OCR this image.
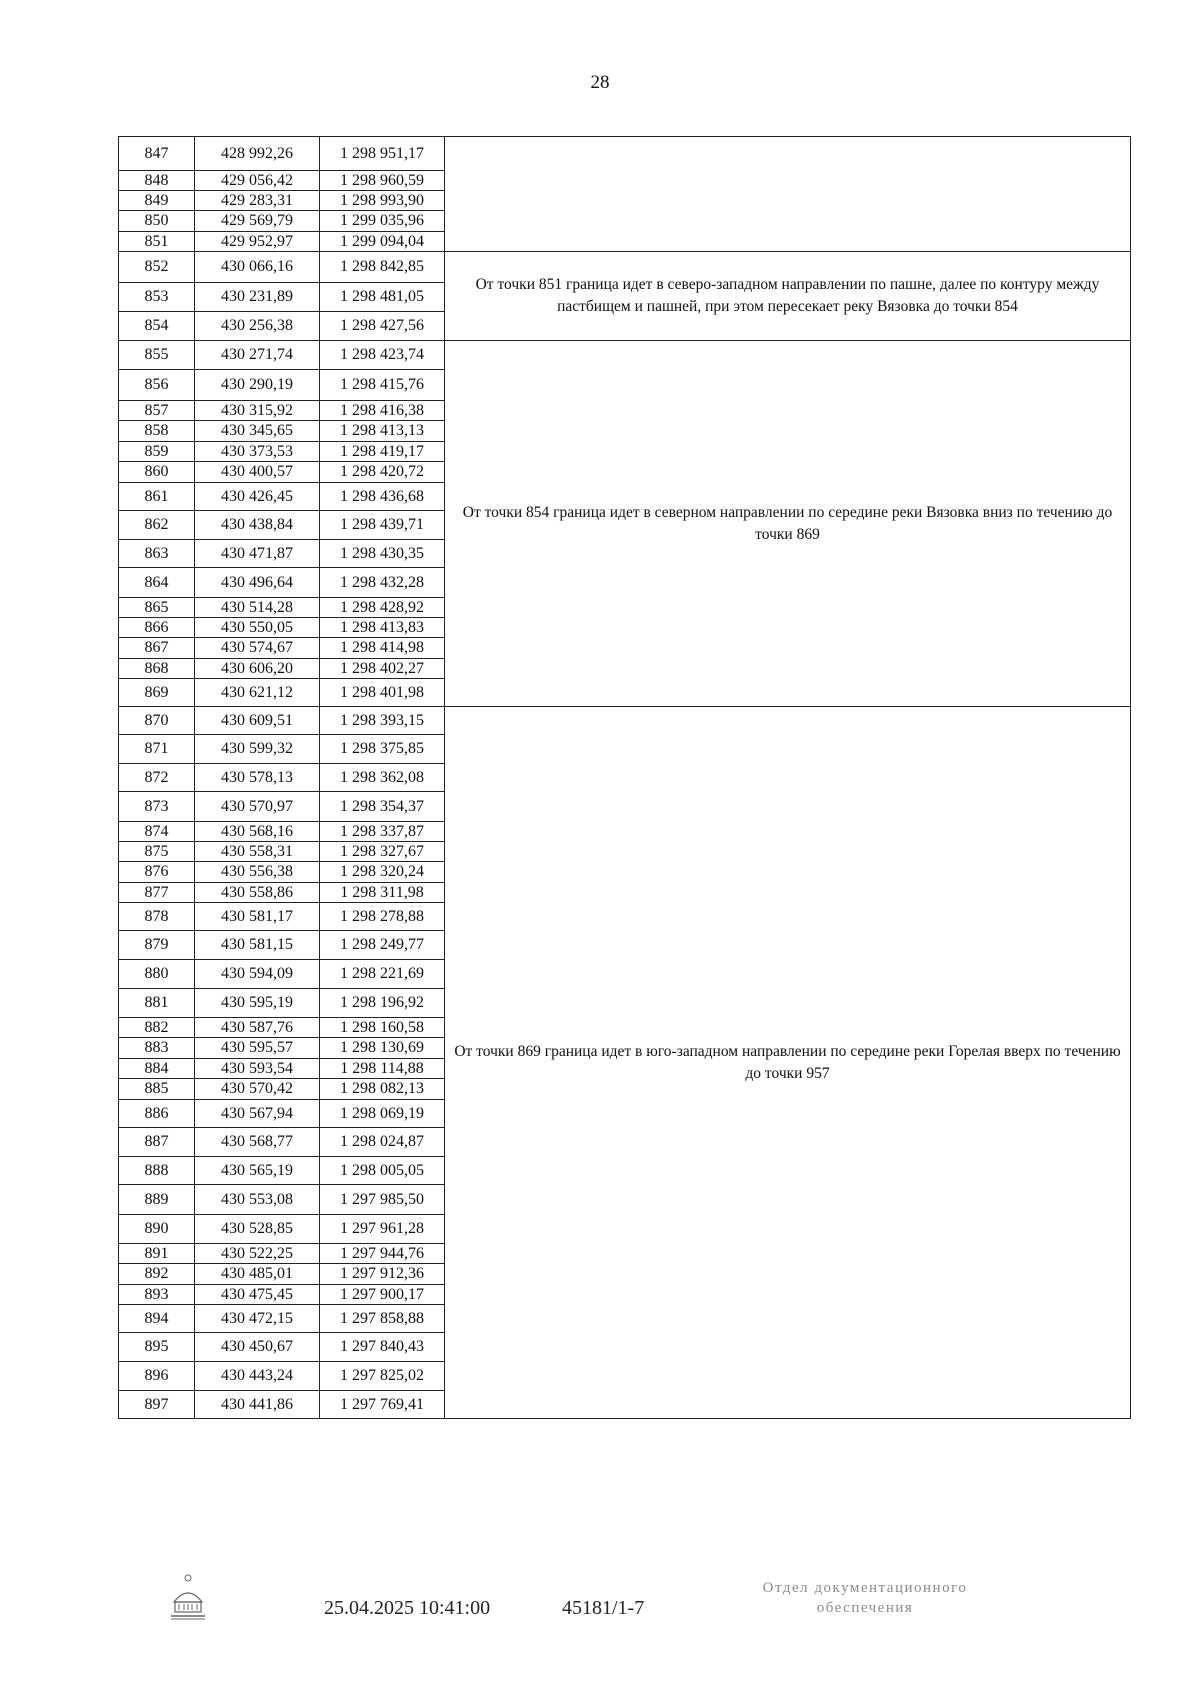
28
847	428 992,26	1 298 951,17	
848	429 056,42	1 298 960,59	
849	429 283,31	1 298 993,90	
850	429 569,79	1 299 035,96	
851	429 952,97	1 299 094,04	
852	430 066,16	1 298 842,85	От точки 851 граница идет в северо-западном направлении по пашне, далее по контуру между пастбищем и пашней, при этом пересекает реку Вязовка до точки 854
853	430 231,89	1 298 481,05	
854	430 256,38	1 298 427,56	
855	430 271,74	1 298 423,74	От точки 854 граница идет в северном направлении по середине реки Вязовка вниз по течению до точки 869
856	430 290,19	1 298 415,76	
857	430 315,92	1 298 416,38	
858	430 345,65	1 298 413,13	
859	430 373,53	1 298 419,17	
860	430 400,57	1 298 420,72	
861	430 426,45	1 298 436,68	
862	430 438,84	1 298 439,71	
863	430 471,87	1 298 430,35	
864	430 496,64	1 298 432,28	
865	430 514,28	1 298 428,92	
866	430 550,05	1 298 413,83	
867	430 574,67	1 298 414,98	
868	430 606,20	1 298 402,27	
869	430 621,12	1 298 401,98	
870	430 609,51	1 298 393,15	От точки 869 граница идет в юго-западном направлении по середине реки Горелая вверх по течению до точки 957
871	430 599,32	1 298 375,85	
872	430 578,13	1 298 362,08	
873	430 570,97	1 298 354,37	
874	430 568,16	1 298 337,87	
875	430 558,31	1 298 327,67	
876	430 556,38	1 298 320,24	
877	430 558,86	1 298 311,98	
878	430 581,17	1 298 278,88	
879	430 581,15	1 298 249,77	
880	430 594,09	1 298 221,69	
881	430 595,19	1 298 196,92	
882	430 587,76	1 298 160,58	
883	430 595,57	1 298 130,69	
884	430 593,54	1 298 114,88	
885	430 570,42	1 298 082,13	
886	430 567,94	1 298 069,19	
887	430 568,77	1 298 024,87	
888	430 565,19	1 298 005,05	
889	430 553,08	1 297 985,50	
890	430 528,85	1 297 961,28	
891	430 522,25	1 297 944,76	
892	430 485,01	1 297 912,36	
893	430 475,45	1 297 900,17	
894	430 472,15	1 297 858,88	
895	430 450,67	1 297 840,43	
896	430 443,24	1 297 825,02	
897	430 441,86	1 297 769,41	
25.04.2025 10:41:00	45181/1-7
Отдел документационного
обеспечения
